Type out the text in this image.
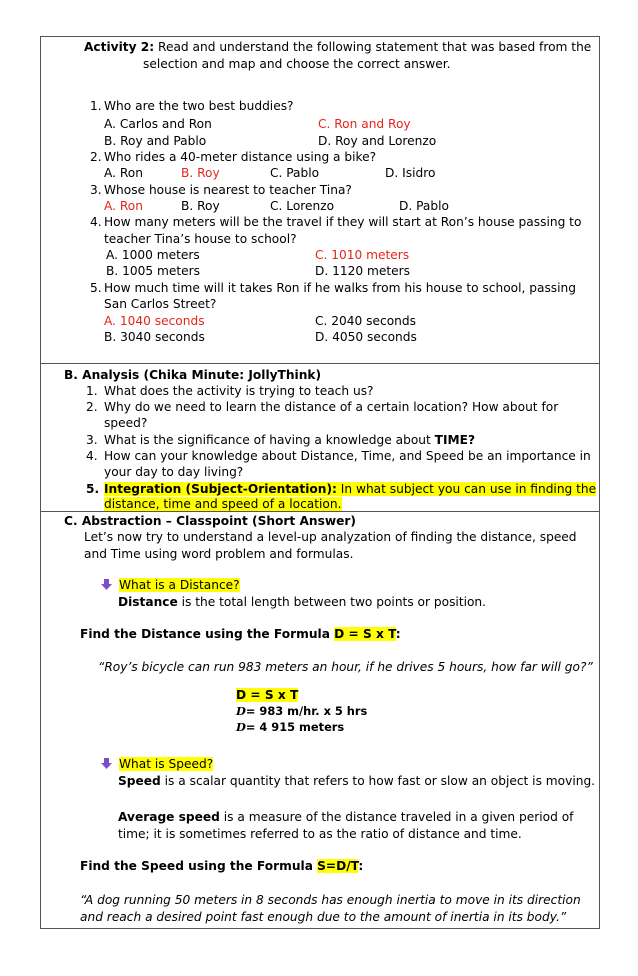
Activity 2: Read and understand the following statement that was based from the
selection and map and choose the correct answer.
1. Who are the two best buddies?
A. Carlos and Ron	C. Ron and Roy
B. Roy and Pablo	D. Roy and Lorenzo
2. Who rides a 40-meter distance using a bike?
A. Ron	B. Roy	C. Pablo	D. Isidro
3. Whose house is nearest to teacher Tina?
A. Ron	B. Roy	C. Lorenzo	D. Pablo
4. How many meters will be the travel if they will start at Ron’s house passing to
teacher Tina’s house to school?
A. 1000 meters	C. 1010 meters
B. 1005 meters	D. 1120 meters
5. How much time will it takes Ron if he walks from his house to school, passing
San Carlos Street?
A. 1040 seconds	C. 2040 seconds
B. 3040 seconds	D. 4050 seconds
B. Analysis (Chika Minute: JollyThink)
1. What does the activity is trying to teach us?
2. Why do we need to learn the distance of a certain location? How about for
speed?
3. What is the significance of having a knowledge about TIME?
4. How can your knowledge about Distance, Time, and Speed be an importance in
your day to day living?
5. Integration (Subject-Orientation): In what subject you can use in finding the
distance, time and speed of a location.
C. Abstraction – Classpoint (Short Answer)
Let’s now try to understand a level-up analyzation of finding the distance, speed
and Time using word problem and formulas.
What is a Distance?
Distance is the total length between two points or position.
Find the Distance using the Formula D = S x T:
“Roy’s bicycle can run 983 meters an hour, if he drives 5 hours, how far will go?”
D = S x T
D= 983 m/hr. x 5 hrs
D= 4 915 meters
What is Speed?
Speed is a scalar quantity that refers to how fast or slow an object is moving.
Average speed is a measure of the distance traveled in a given period of
time; it is sometimes referred to as the ratio of distance and time.
Find the Speed using the Formula S=D/T:
“A dog running 50 meters in 8 seconds has enough inertia to move in its direction
and reach a desired point fast enough due to the amount of inertia in its body.”
